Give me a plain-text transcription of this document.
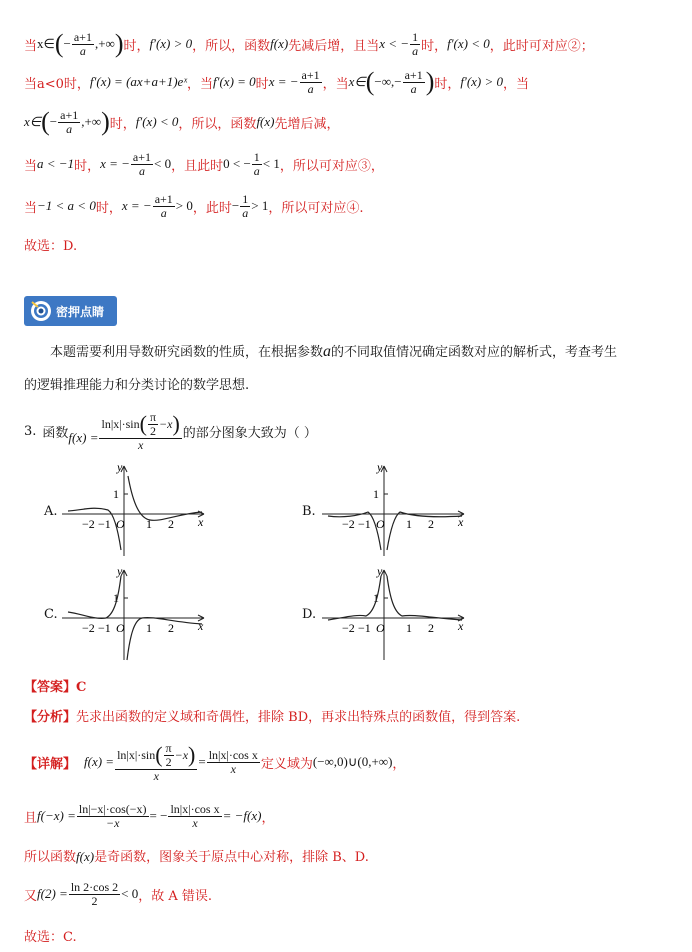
当 x∈ ( − $\frac{a+1}{a}$ ,+∞ ) 时， f′(x) > 0 ，所以，函数 f(x) 先减后增，且当 x < − $\frac{1}{a}$ 时， f′(x) < 0 ，此时可对应②；
当a<0时， f′(x) = (ax+a+1)eˣ ，当 f′(x) = 0 时 x = − $\frac{a+1}{a}$ ，当 x∈ ( −∞,− $\frac{a+1}{a}$ ) 时， f′(x) > 0 ，当
x∈ ( − $\frac{a+1}{a}$ ,+∞ ) 时， f′(x) < 0 ，所以，函数 f(x) 先增后减，
当 a < −1 时， x = − $\frac{a+1}{a} < 0$ ，且此时 0 < − $\frac{1}{a} < 1$ ，所以可对应③，
当 −1 < a < 0 时， x = − $\frac{a+1}{a} > 0$ ，此时 − $\frac{1}{a} > 1$ ，所以可对应④.
故选：D.
密押点睛
本题需要利用导数研究函数的性质，在根据参数a的不同取值情况确定函数对应的解析式，考查考生
的逻辑推理能力和分类讨论的数学思想.
3. 函数 $f(x) = \frac{\ln|x|\cdot\sin ( \frac{\pi}{2} -x )}{x}$ 的部分图象大致为（ ）
A.
y
x
1
−2 −1 O 1 2
B.
y
x
1
−2 −1 O 1 2
C.
y
x
1
−2 −1 O 1 2
D.
y
x
1
−2 −1 O 1 2
【答案】C
【分析】先求出函数的定义域和奇偶性，排除 BD，再求出特殊点的函数值，得到答案.
【详解】 $f(x) = \frac{\ln|x|\cdot\sin ( \frac{\pi}{2} -x )}{x} = \frac{\text{ln|x|·cos x}}{x}$ 定义域为 (−∞,0)∪(0,+∞) ，
且 $f(-x) = \frac{\ln|-x|\cdot\cos(-x)}{-x}$ = − $\frac{\text{ln|x|·cos x}}{x} = -f(x)$ ，
所以函数f(x)是奇函数，图象关于原点中心对称，排除 B、D.
又 $f(2) = \frac{\ln 2\cdot\cos 2}{2} < 0$ ，故 A 错误.
故选：C.
